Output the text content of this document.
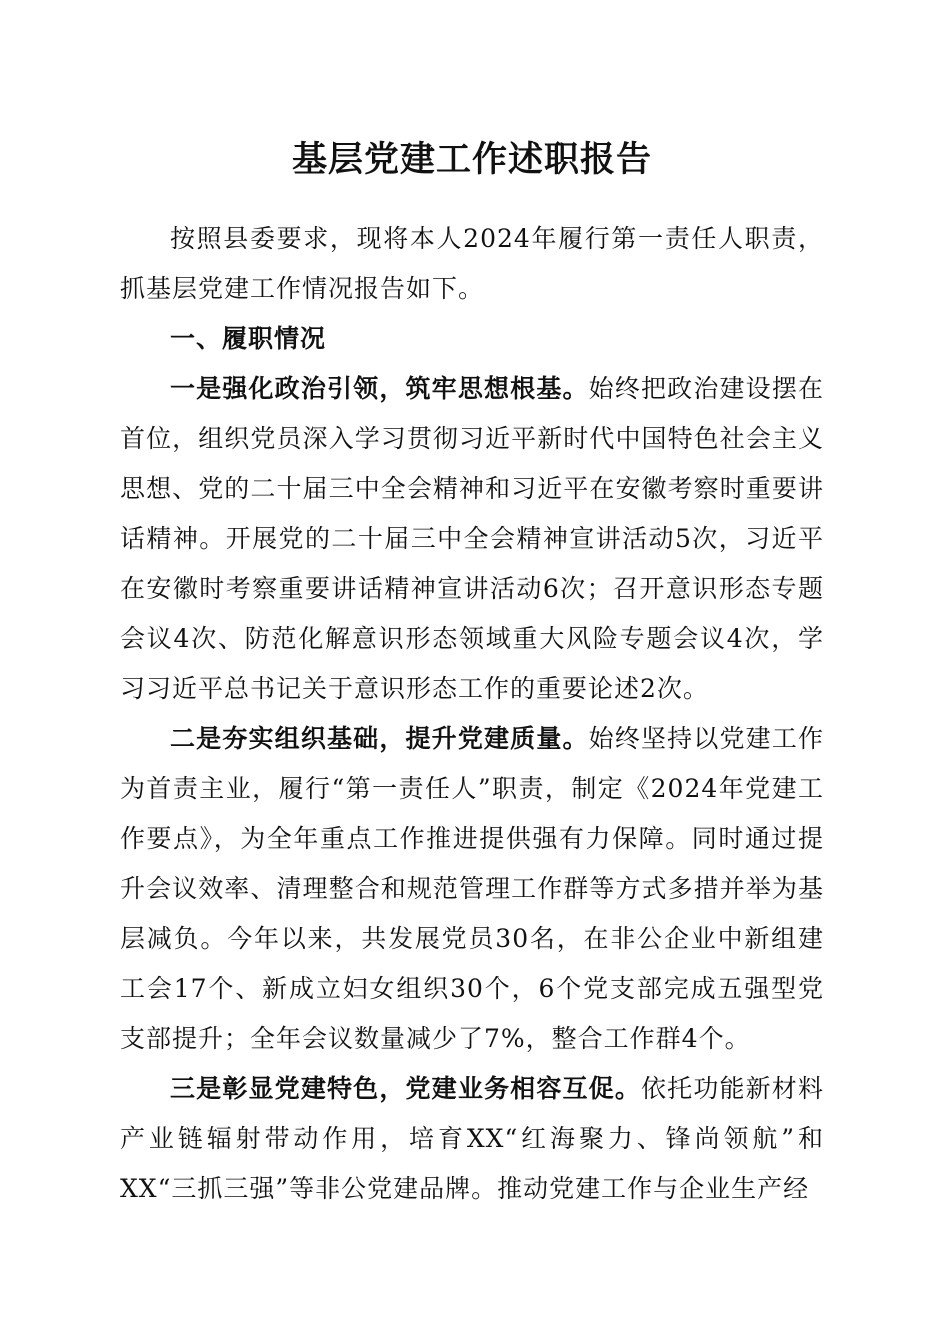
基层党建工作述职报告

按照县委要求，现将本人2024年履行第一责任人职责，抓基层党建工作情况报告如下。

一、履职情况

一是强化政治引领，筑牢思想根基。始终把政治建设摆在首位，组织党员深入学习贯彻习近平新时代中国特色社会主义思想、党的二十届三中全会精神和习近平在安徽考察时重要讲话精神。开展党的二十届三中全会精神宣讲活动5次，习近平在安徽时考察重要讲话精神宣讲活动6次；召开意识形态专题会议4次、防范化解意识形态领域重大风险专题会议4次，学习习近平总书记关于意识形态工作的重要论述2次。

二是夯实组织基础，提升党建质量。始终坚持以党建工作为首责主业，履行“第一责任人”职责，制定《2024年党建工作要点》，为全年重点工作推进提供强有力保障。同时通过提升会议效率、清理整合和规范管理工作群等方式多措并举为基层减负。今年以来，共发展党员30名，在非公企业中新组建工会17个、新成立妇女组织30个，6个党支部完成五强型党支部提升；全年会议数量减少了7%，整合工作群4个。

三是彰显党建特色，党建业务相容互促。依托功能新材料产业链辐射带动作用，培育XX“红海聚力、锋尚领航”和XX“三抓三强”等非公党建品牌。推动党建工作与企业生产经
